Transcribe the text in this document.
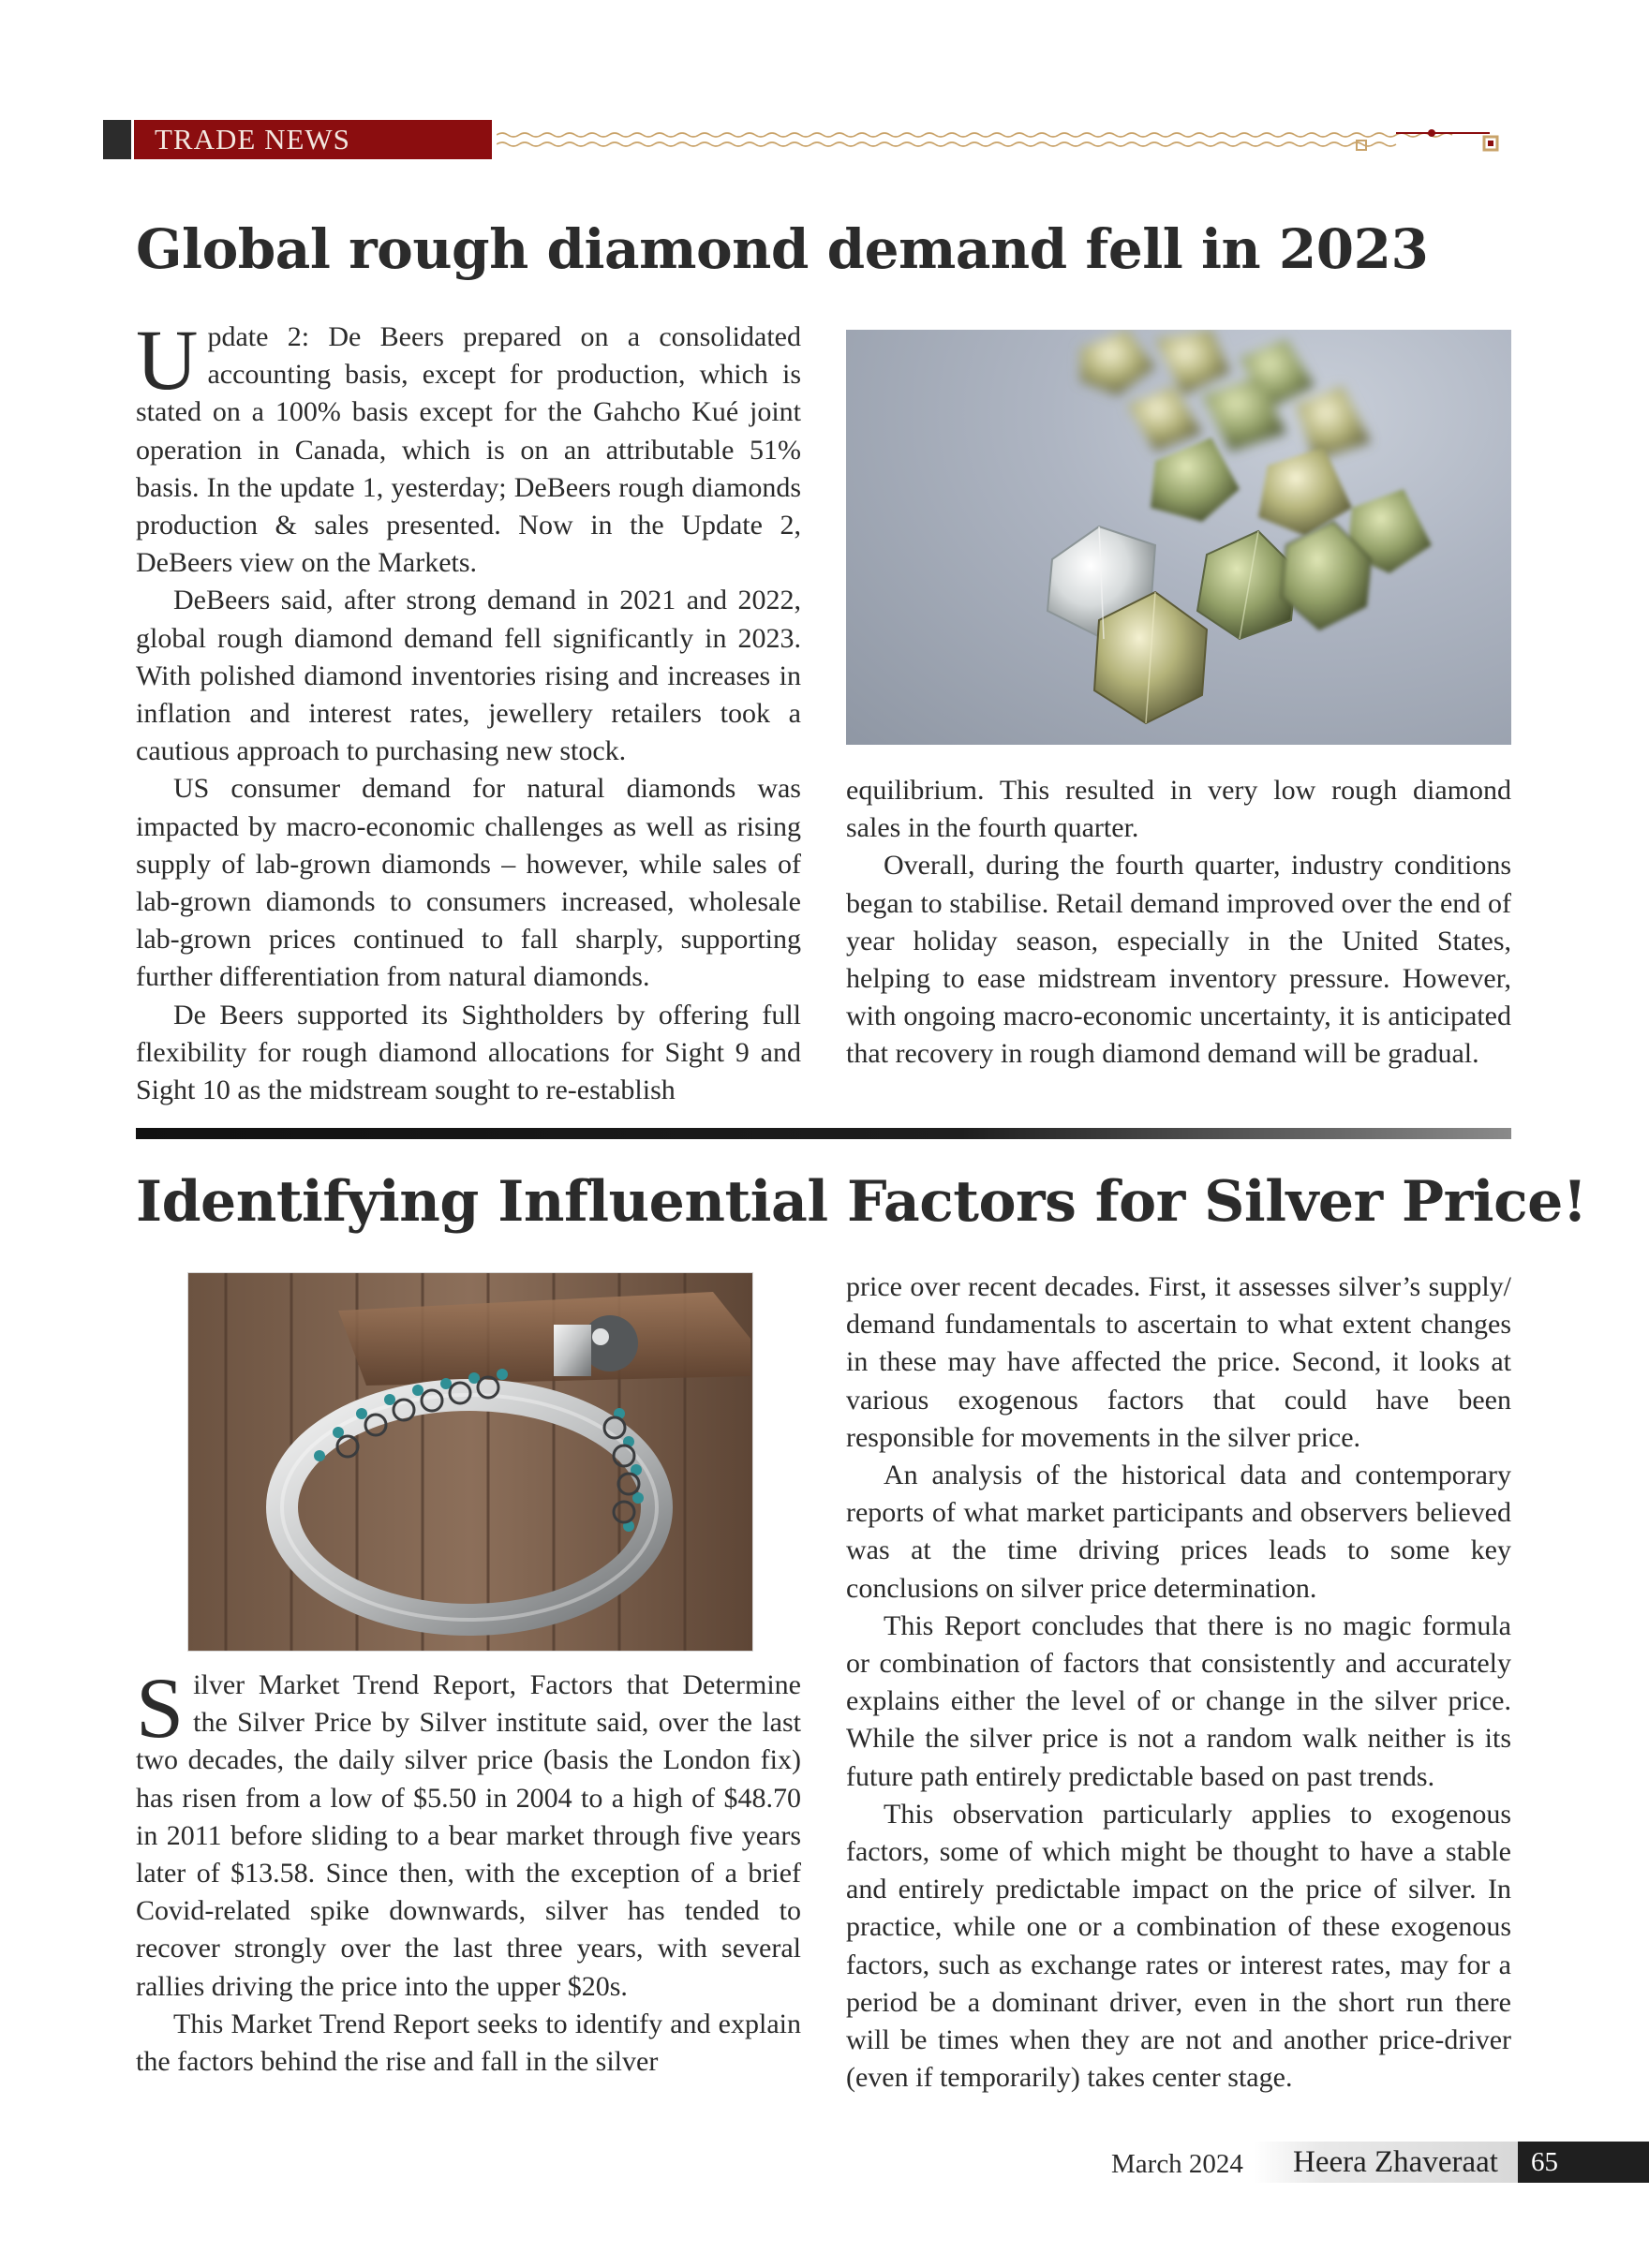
TRADE NEWS
Global rough diamond demand fell in 2023

Update 2: De Beers prepared on a consolidated accounting basis, except for production, which is stated on a 100% basis except for the Gahcho Kué joint operation in Canada, which is on an attributable 51% basis. In the update 1, yesterday; DeBeers rough diamonds production & sales presented. Now in the Update 2, DeBeers view on the Markets.

DeBeers said, after strong demand in 2021 and 2022, global rough diamond demand fell significantly in 2023. With polished diamond inventories rising and increases in inflation and interest rates, jewellery retailers took a cautious approach to purchasing new stock.

US consumer demand for natural diamonds was impacted by macro-economic challenges as well as rising supply of lab-grown diamonds – however, while sales of lab-grown diamonds to consumers increased, wholesale lab-grown prices continued to fall sharply, supporting further differentiation from natural diamonds.

De Beers supported its Sightholders by offering full flexibility for rough diamond allocations for Sight 9 and Sight 10 as the midstream sought to re-establish

equilibrium. This resulted in very low rough diamond sales in the fourth quarter.

Overall, during the fourth quarter, industry conditions began to stabilise. Retail demand improved over the end of year holiday season, especially in the United States, helping to ease midstream inventory pressure. However, with ongoing macro-economic uncertainty, it is anticipated that recovery in rough diamond demand will be gradual.

Identifying Influential Factors for Silver Price!

Silver Market Trend Report, Factors that Determine the Silver Price by Silver institute said, over the last two decades, the daily silver price (basis the London fix) has risen from a low of $5.50 in 2004 to a high of $48.70 in 2011 before sliding to a bear market through five years later of $13.58. Since then, with the exception of a brief Covid-related spike downwards, silver has tended to recover strongly over the last three years, with several rallies driving the price into the upper $20s.

This Market Trend Report seeks to identify and explain the factors behind the rise and fall in the silver

price over recent decades. First, it assesses silver’s supply/ demand fundamentals to ascertain to what extent changes in these may have affected the price. Second, it looks at various exogenous factors that could have been responsible for movements in the silver price.

An analysis of the historical data and contemporary reports of what market participants and observers believed was at the time driving prices leads to some key conclusions on silver price determination.

This Report concludes that there is no magic formula or combination of factors that consistently and accurately explains either the level of or change in the silver price. While the silver price is not a random walk neither is its future path entirely predictable based on past trends.

This observation particularly applies to exogenous factors, some of which might be thought to have a stable and entirely predictable impact on the price of silver. In practice, while one or a combination of these exogenous factors, such as exchange rates or interest rates, may for a period be a dominant driver, even in the short run there will be times when they are not and another price-driver (even if temporarily) takes center stage.

March 2024 Heera Zhaveraat	65
